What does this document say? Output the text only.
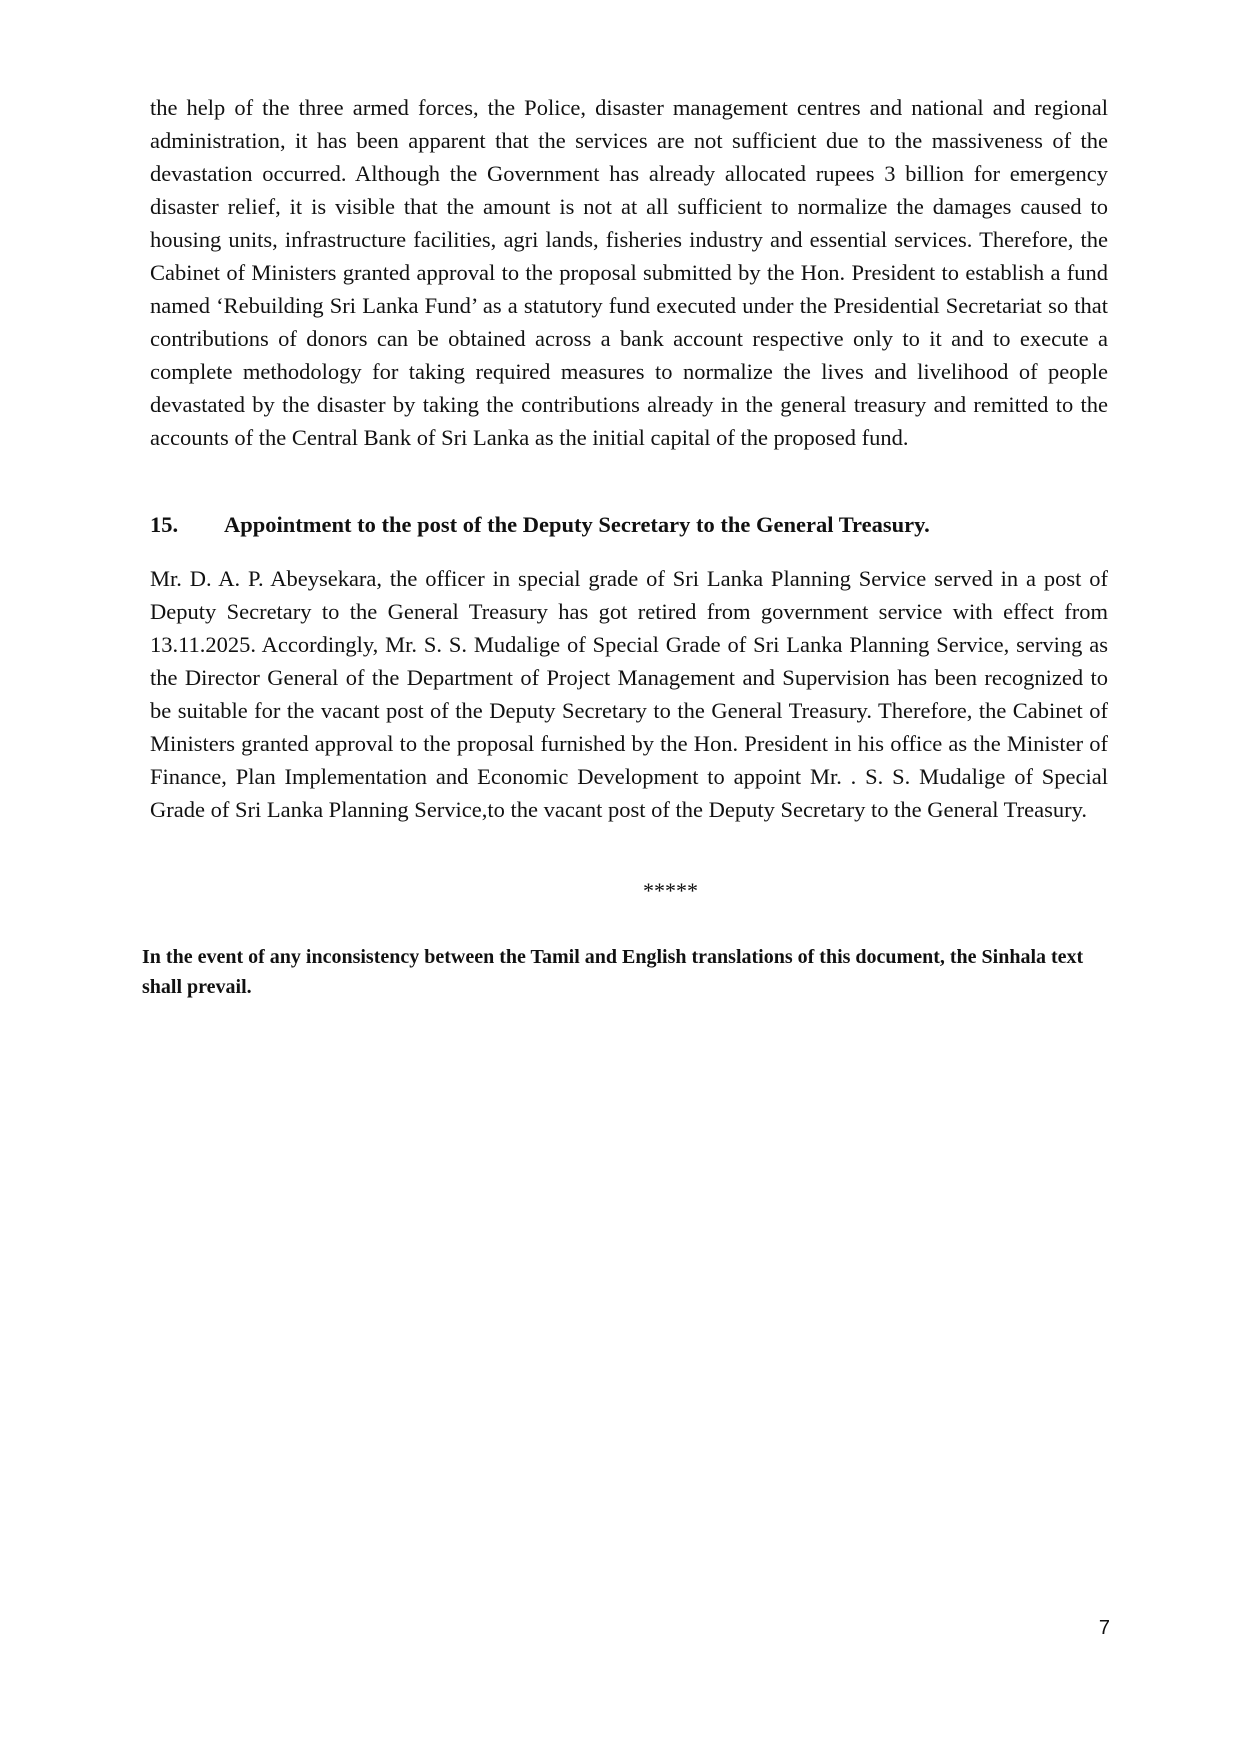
the help of the three armed forces, the Police, disaster management centres and national and regional administration, it has been apparent that the services are not sufficient due to the massiveness of the devastation occurred. Although the Government has already allocated rupees 3 billion for emergency disaster relief, it is visible that the amount is not at all sufficient to normalize the damages caused to housing units, infrastructure facilities, agri lands, fisheries industry and essential services. Therefore, the Cabinet of Ministers granted approval to the proposal submitted by the Hon. President to establish a fund named ‘Rebuilding Sri Lanka Fund’ as a statutory fund executed under the Presidential Secretariat so that contributions of donors can be obtained across a bank account respective only to it and to execute a complete methodology for taking required measures to normalize the lives and livelihood of people devastated by the disaster by taking the contributions already in the general treasury and remitted to the accounts of the Central Bank of Sri Lanka as the initial capital of the proposed fund.

15. Appointment to the post of the Deputy Secretary to the General Treasury.

Mr. D. A. P. Abeysekara, the officer in special grade of Sri Lanka Planning Service served in a post of Deputy Secretary to the General Treasury has got retired from government service with effect from 13.11.2025. Accordingly, Mr. S. S. Mudalige of Special Grade of Sri Lanka Planning Service, serving as the Director General of the Department of Project Management and Supervision has been recognized to be suitable for the vacant post of the Deputy Secretary to the General Treasury. Therefore, the Cabinet of Ministers granted approval to the proposal furnished by the Hon. President in his office as the Minister of Finance, Plan Implementation and Economic Development to appoint Mr. . S. S. Mudalige of Special Grade of Sri Lanka Planning Service,to the vacant post of the Deputy Secretary to the General Treasury.

*****

In the event of any inconsistency between the Tamil and English translations of this document, the Sinhala text shall prevail.

7
